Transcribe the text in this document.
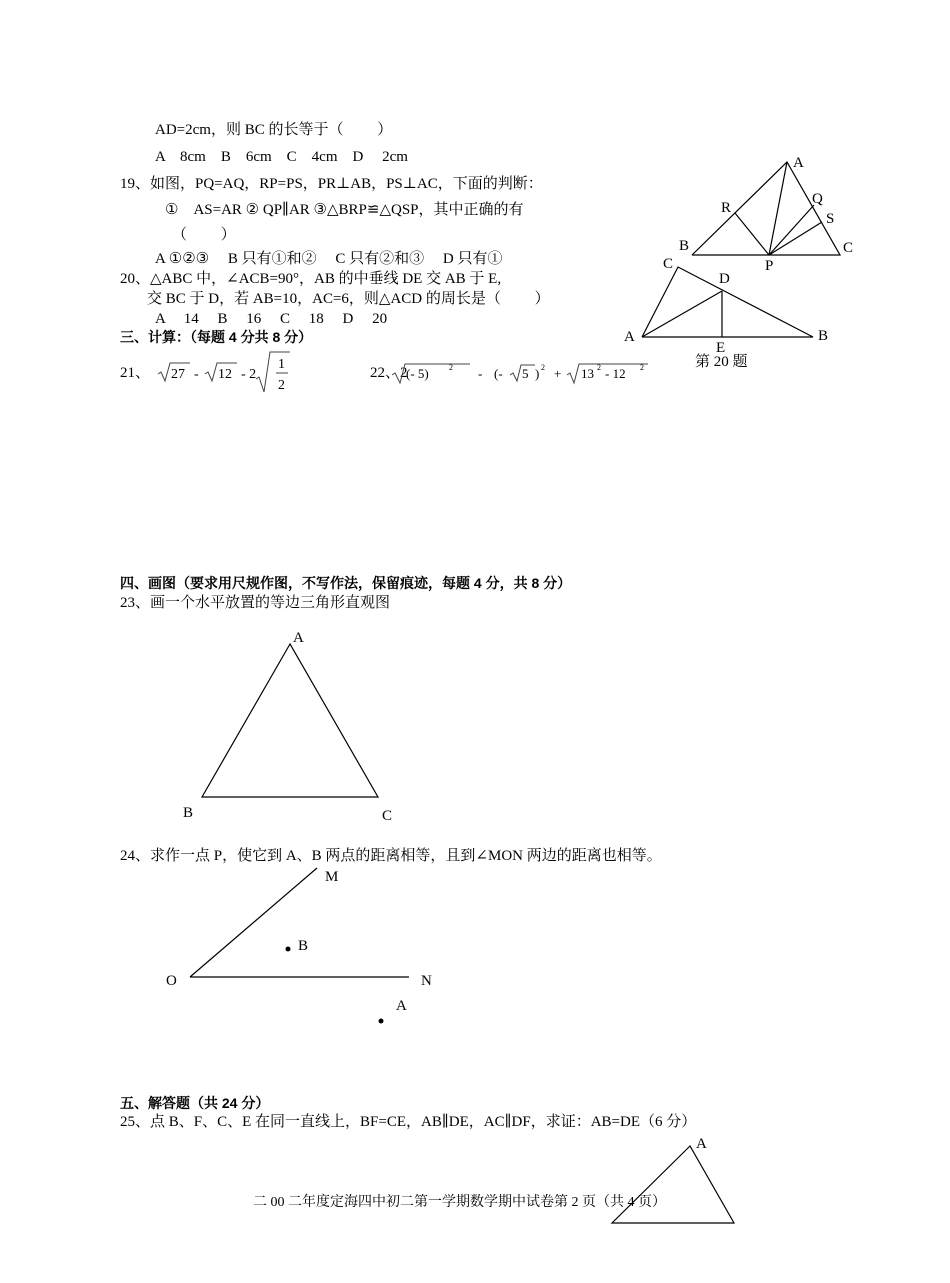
AD=2cm，则 BC 的长等于（　　 ）
A　8cm　B　6cm　C　4cm　D　 2cm
19、如图，PQ=AQ，RP=PS，PR⊥AB，PS⊥AC，下面的判断：
①　AS=AR ② QP∥AR ③△BRP≌△QSP，其中正确的有
（　　 ）
A ①②③　 B 只有①和②　 C 只有②和③　 D 只有①
20、△ABC 中，∠ACB=90°，AB 的中垂线 DE 交 AB 于 E,
交 BC 于 D，若 AB=10，AC=6，则△ACD 的周长是（　　 ）
A　 14　 B　 16　 C　 18　 D　 20
三、计算：（每题 4 分共 8 分）
21、	22、2
四、画图（要求用尺规作图，不写作法，保留痕迹，每题 4 分，共 8 分）
23、画一个水平放置的等边三角形直观图
24、求作一点 P，使它到 A、B 两点的距离相等，且到∠MON 两边的距离也相等。
五、解答题（共 24 分）
25、点 B、F、C、E 在同一直线上，BF=CE，AB∥DE，AC∥DF，求证：AB=DE（6 分）
二 00 二年度定海四中初二第一学期数学期中试卷第 2 页（共 4 页）
A
R
Q
S
B
P
C
C
D
A	B
E
第 20 题
A
B	C
M
B
O	N
A
A
27 - 12 - 2
1
2
(- 5)	2 - (- 5 ) 2 + 13 2 - 12 2
